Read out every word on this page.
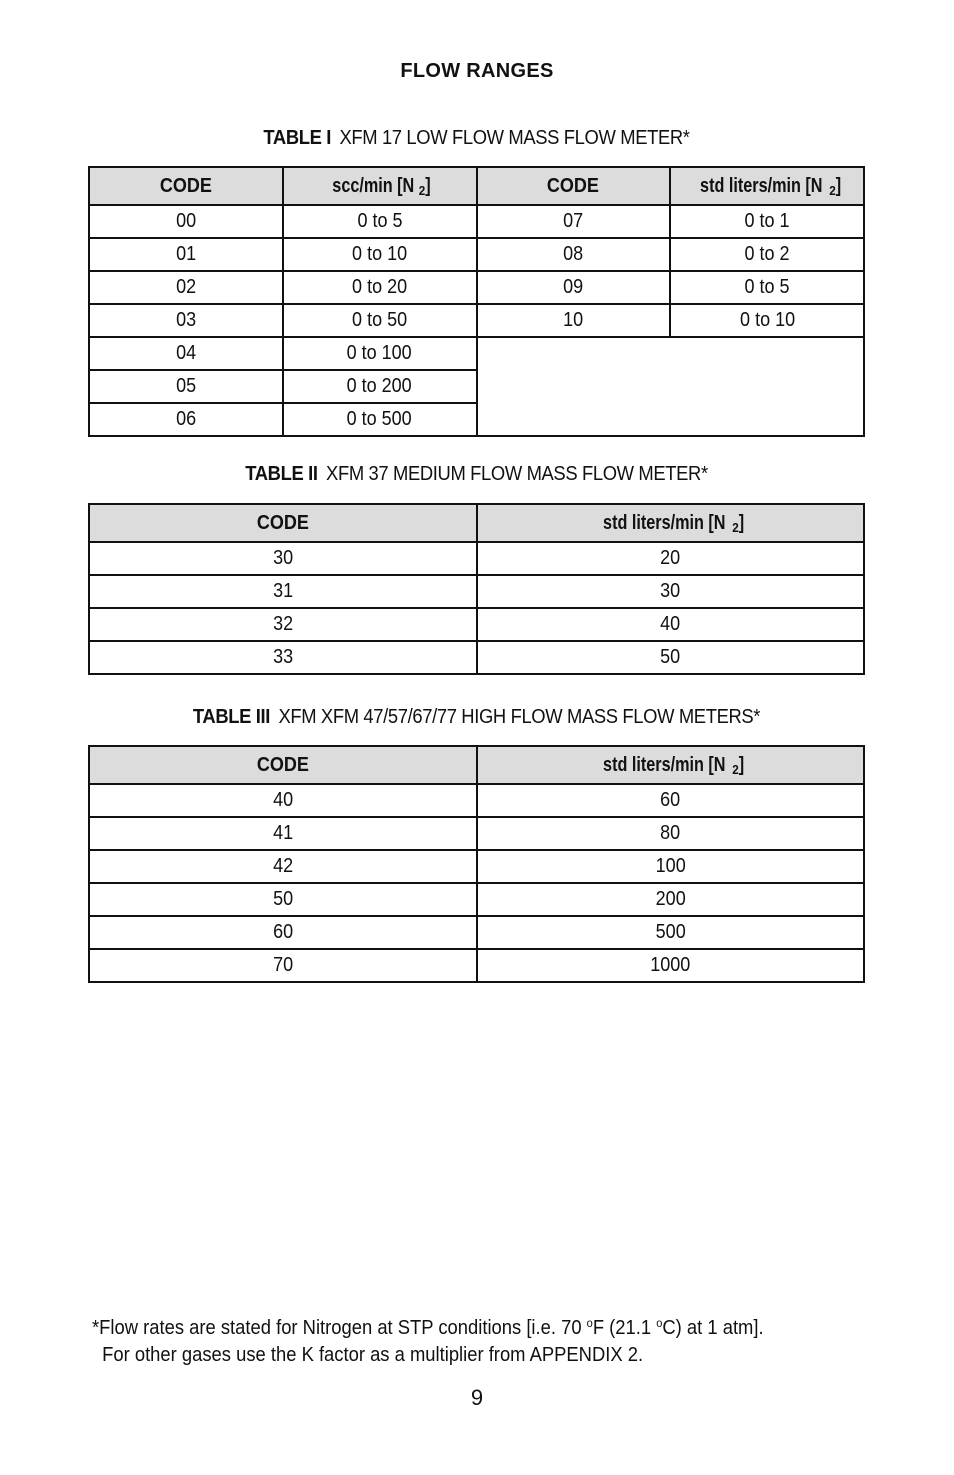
FLOW RANGES
TABLE I XFM 17 LOW FLOW MASS FLOW METER*
CODE	scc/min [N $_2$]	CODE	std liters/min [N $_2$]
00	0 to 5	07	0 to 1
01	0 to 10	08	0 to 2
02	0 to 20	09	0 to 5
03	0 to 50	10	0 to 10
04	0 to 100		
05	0 to 200		
06	0 to 500		
TABLE II XFM 37 MEDIUM FLOW MASS FLOW METER*
CODE	std liters/min [N $_2$]
30	20
31	30
32	40
33	50
TABLE III XFM XFM 47/57/67/77 HIGH FLOW MASS FLOW METERS*
CODE	std liters/min [N $_2$]
40	60
41	80
42	100
50	200
60	500
70	1000
*Flow rates are stated for Nitrogen at STP conditions [i.e. 70 $^o$F (21.1 $^o$C) at 1 atm].
For other gases use the K factor as a multiplier from APPENDIX 2.
9
